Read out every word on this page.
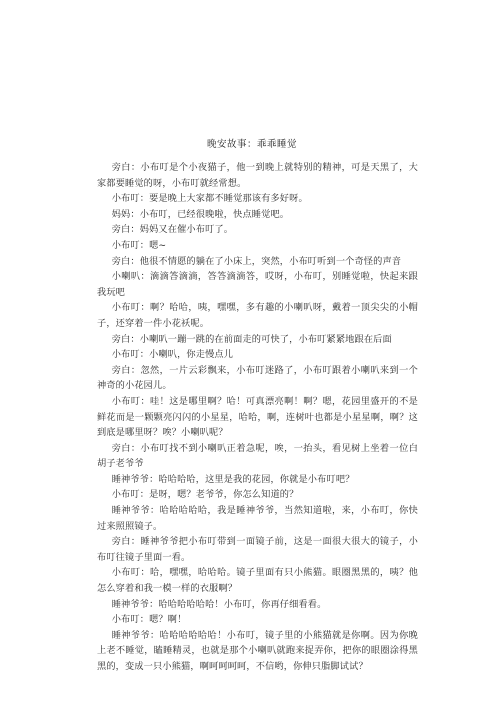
晚安故事：乖乖睡觉

旁白：小布叮是个小夜猫子，他一到晚上就特别的精神，可是天黑了，大家都要睡觉的呀，小布叮就经常想。

小布叮：要是晚上大家都不睡觉那该有多好呀。

妈妈：小布叮，已经很晚啦，快点睡觉吧。

旁白：妈妈又在催小布叮了。

小布叮：嗯~

旁白：他很不情愿的躺在了小床上，突然，小布叮听到一个奇怪的声音

小喇叭：滴滴答滴滴，答答滴滴答，哎呀，小布叮，别睡觉啦，快起来跟我玩吧

小布叮：啊？哈哈，咦，嘿嘿，多有趣的小喇叭呀，戴着一顶尖尖的小帽子，还穿着一件小花袄呢。

旁白：小喇叭一蹦一跳的在前面走的可快了，小布叮紧紧地跟在后面

小布叮：小喇叭，你走慢点儿

旁白：忽然，一片云彩飘来，小布叮迷路了，小布叮跟着小喇叭来到一个神奇的小花园儿。

小布叮：哇！这是哪里啊？哈！可真漂亮啊！啊？嗯，花园里盛开的不是鲜花而是一颗颗亮闪闪的小星星，哈哈，啊，连树叶也都是小星星啊，啊？这到底是哪里呀？唉？小喇叭呢？

旁白：小布叮找不到小喇叭正着急呢，唉，一抬头，看见树上坐着一位白胡子老爷爷

睡神爷爷：哈哈哈哈，这里是我的花园，你就是小布叮吧？

小布叮：是呀，嗯？老爷爷，你怎么知道的？

睡神爷爷：哈哈哈哈哈，我是睡神爷爷，当然知道啦，来，小布叮，你快过来照照镜子。

旁白：睡神爷爷把小布叮带到一面镜子前，这是一面很大很大的镜子，小布叮往镜子里面一看。

小布叮：哈，嘿嘿，哈哈哈。镜子里面有只小熊猫。眼圈黑黑的，咦？他怎么穿着和我一模一样的衣服啊？

睡神爷爷：哈哈哈哈哈哈！小布叮，你再仔细看看。

小布叮：嗯？啊！

睡神爷爷：哈哈哈哈哈哈！小布叮，镜子里的小熊猫就是你啊。因为你晚上老不睡觉，瞌睡精灵，也就是那个小喇叭就跑来捉弄你，把你的眼圈涂得黑黑的，变成一只小熊猫，啊呵呵呵呵，不信哟，你伸只脂脚试试？
